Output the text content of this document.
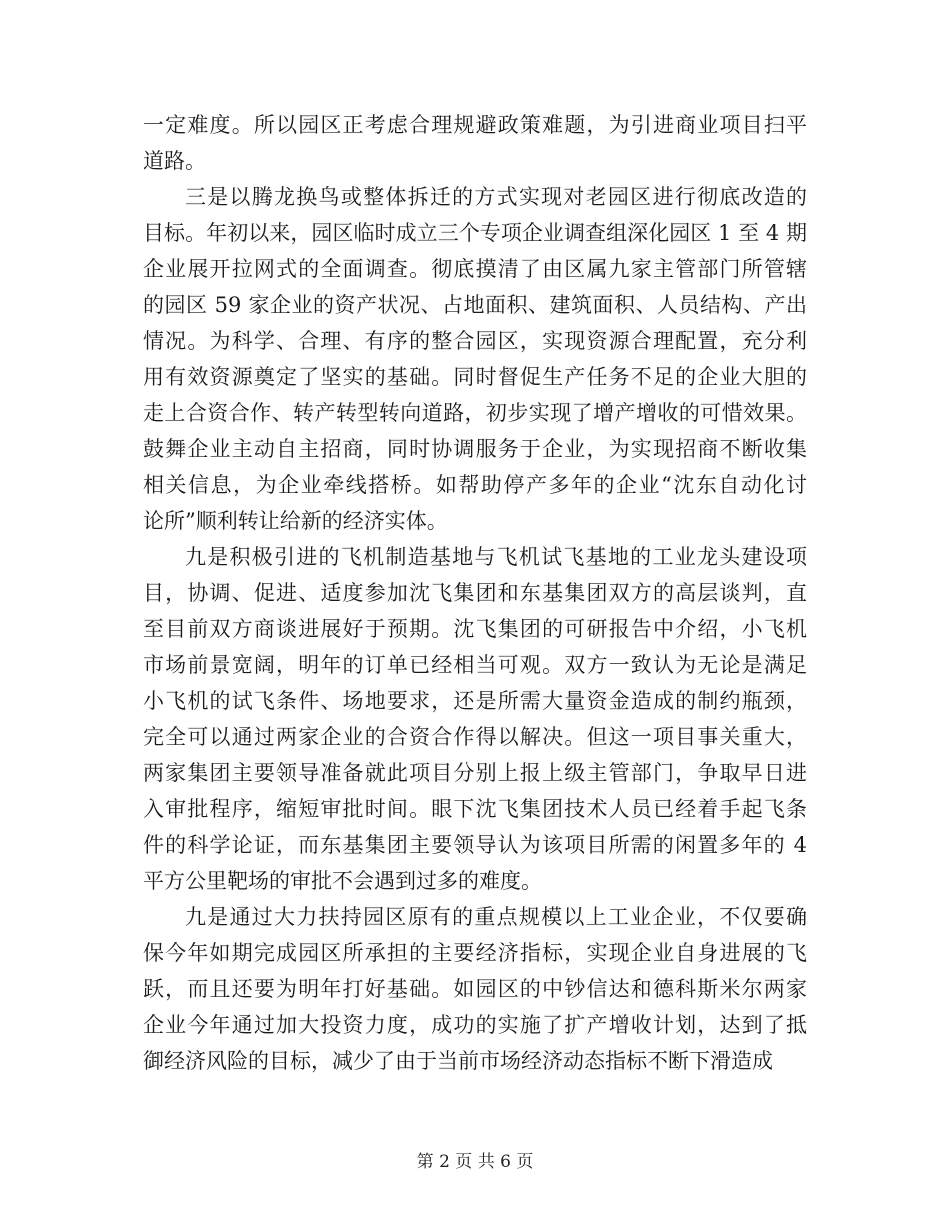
一定难度。所以园区正考虑合理规避政策难题，为引进商业项目扫平
道路。
三是以腾龙换鸟或整体拆迁的方式实现对老园区进行彻底改造的
目标。年初以来，园区临时成立三个专项企业调查组深化园区 1 至 4 期
企业展开拉网式的全面调查。彻底摸清了由区属九家主管部门所管辖
的园区 59 家企业的资产状况、占地面积、建筑面积、人员结构、产出
情况。为科学、合理、有序的整合园区，实现资源合理配置，充分利
用有效资源奠定了坚实的基础。同时督促生产任务不足的企业大胆的
走上合资合作、转产转型转向道路，初步实现了增产增收的可惜效果。
鼓舞企业主动自主招商，同时协调服务于企业，为实现招商不断收集
相关信息，为企业牵线搭桥。如帮助停产多年的企业“沈东自动化讨
论所”顺利转让给新的经济实体。
九是积极引进的飞机制造基地与飞机试飞基地的工业龙头建设项
目，协调、促进、适度参加沈飞集团和东基集团双方的高层谈判，直
至目前双方商谈进展好于预期。沈飞集团的可研报告中介绍，小飞机
市场前景宽阔，明年的订单已经相当可观。双方一致认为无论是满足
小飞机的试飞条件、场地要求，还是所需大量资金造成的制约瓶颈，
完全可以通过两家企业的合资合作得以解决。但这一项目事关重大，
两家集团主要领导准备就此项目分别上报上级主管部门，争取早日进
入审批程序，缩短审批时间。眼下沈飞集团技术人员已经着手起飞条
件的科学论证，而东基集团主要领导认为该项目所需的闲置多年的 4
平方公里靶场的审批不会遇到过多的难度。
九是通过大力扶持园区原有的重点规模以上工业企业，不仅要确
保今年如期完成园区所承担的主要经济指标，实现企业自身进展的飞
跃，而且还要为明年打好基础。如园区的中钞信达和德科斯米尔两家
企业今年通过加大投资力度，成功的实施了扩产增收计划，达到了抵
御经济风险的目标，减少了由于当前市场经济动态指标不断下滑造成
第 2 页 共 6 页
